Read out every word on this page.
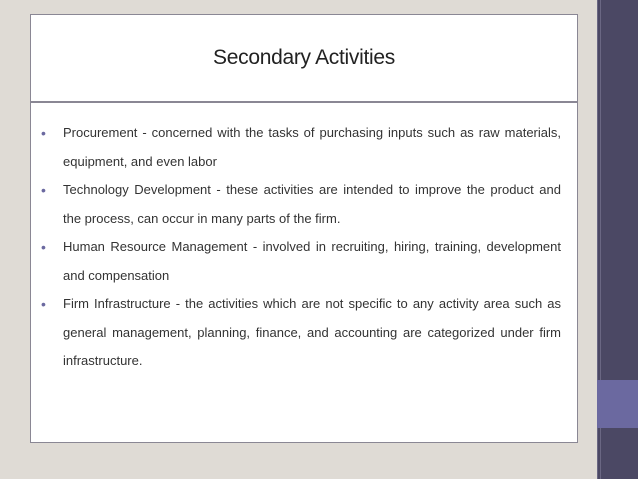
Secondary Activities
• Procurement - concerned with the tasks of purchasing inputs such as raw materials, equipment, and even labor
• Technology Development - these activities are intended to improve the product and the process, can occur in many parts of the firm.
• Human Resource Management - involved in recruiting, hiring, training, development and compensation
• Firm Infrastructure - the activities which are not specific to any activity area such as general management, planning, finance, and accounting are categorized under firm infrastructure.
